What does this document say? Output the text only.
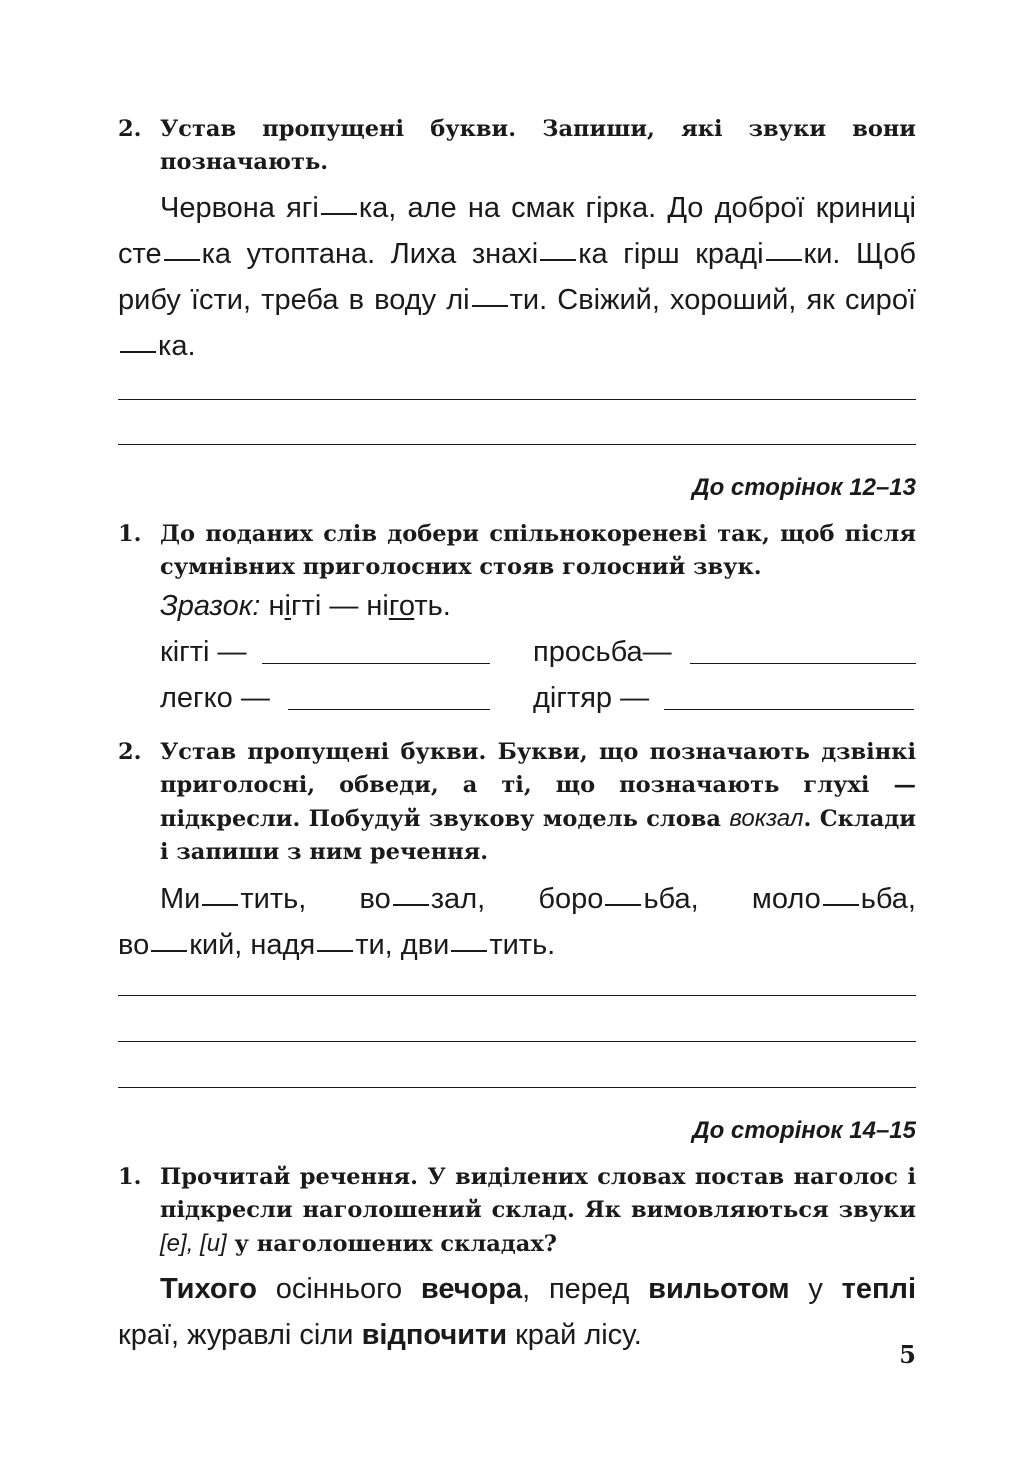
2. Устав пропущені букви. Запиши, які звуки вони позначають.

Червона ягі ка, але на смак гірка. До доброї криниці сте ка утоптана. Лиха знахі ка гірш краді ки. Щоб рибу їсти, треба в воду лі ти. Свіжий, хороший, як сироїка.

До сторінок 12–13
1. До поданих слів добери спільнокореневі так, щоб після сумнівних приголосних стояв голосний звук.
Зразок: нігті — ніготь.
кігті —	просьба—
легко —	дігтяр —
2. Устав пропущені букви. Букви, що позначають дзвінкі приголосні, обведи, а ті, що позначають глухі — підкресли. Побудуй звукову модель слова вокзал. Склади і запиши з ним речення.

Ми тить, во зал, боро ьба, моло ьба,

во кий, надя ти, дви тить.

До сторінок 14–15
1. Прочитай речення. У виділених словах постав наголос і підкресли наголошений склад. Як вимовляються звуки [е], [и] у наголошених складах?

Тихого осіннього вечора, перед вильотом у теплі краї, журавлі сіли відпочити край лісу.

5
